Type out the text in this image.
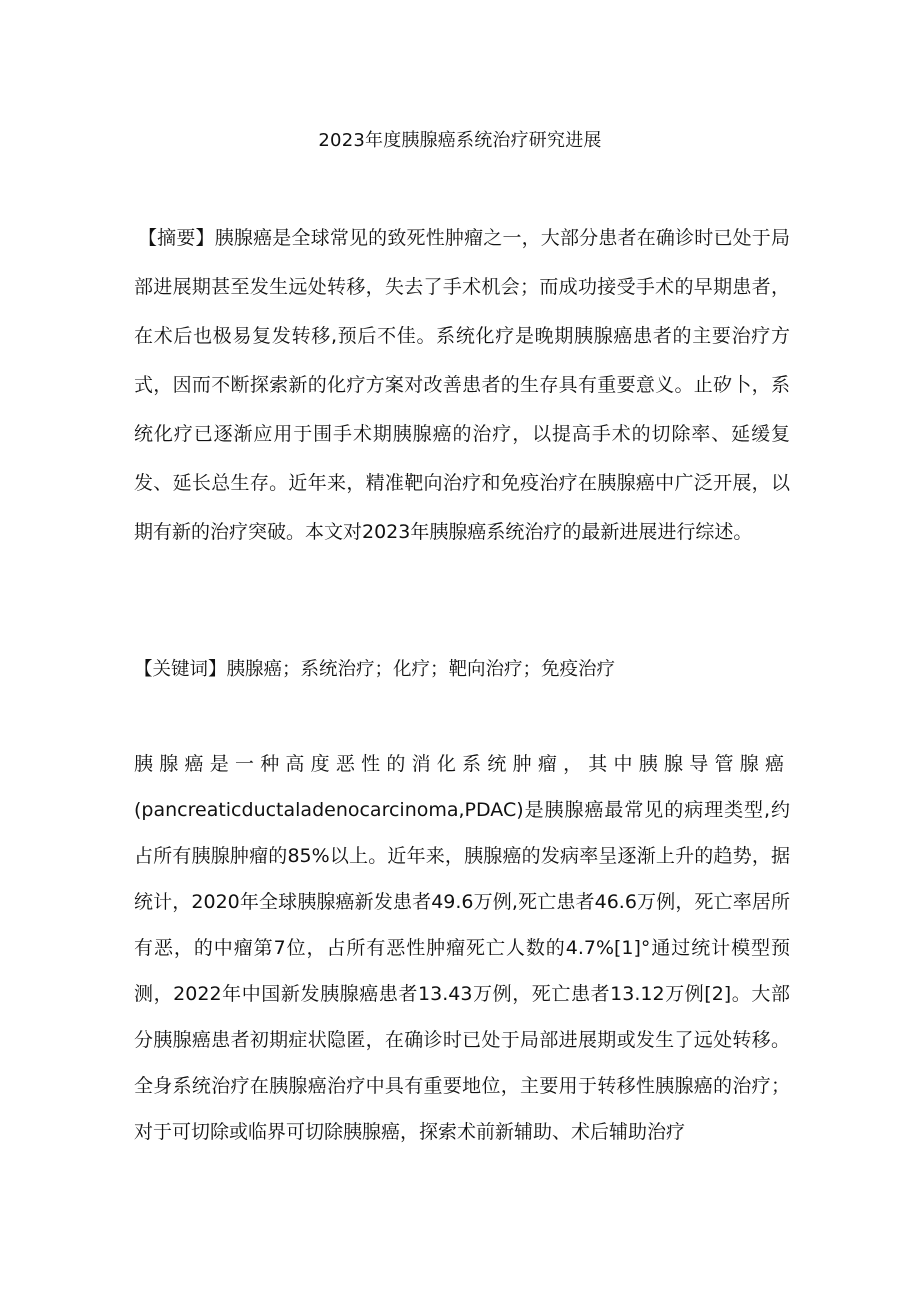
2023年度胰腺癌系统治疗研究进展

【摘要】胰腺癌是全球常见的致死性肿瘤之一，大部分患者在确诊时已处于局部进展期甚至发生远处转移，失去了手术机会；而成功接受手术的早期患者，在术后也极易复发转移,预后不佳。系统化疗是晚期胰腺癌患者的主要治疗方式，因而不断探索新的化疗方案对改善患者的生存具有重要意义。止矽卜，系统化疗已逐渐应用于围手术期胰腺癌的治疗，以提高手术的切除率、延缓复发、延长总生存。近年来，精准靶向治疗和免疫治疗在胰腺癌中广泛开展，以期有新的治疗突破。本文对2023年胰腺癌系统治疗的最新进展进行综述。

【关键词】胰腺癌；系统治疗；化疗；靶向治疗；免疫治疗

胰腺癌是一种高度恶性的消化系统肿瘤，其中胰腺导管腺癌(pancreaticductaladenocarcinoma,PDAC)是胰腺癌最常见的病理类型,约占所有胰腺肿瘤的85%以上。近年来，胰腺癌的发病率呈逐渐上升的趋势，据统计，2020年全球胰腺癌新发患者49.6万例,死亡患者46.6万例，死亡率居所有恶，的中瘤第7位，占所有恶性肿瘤死亡人数的4.7%[1]°通过统计模型预测，2022年中国新发胰腺癌患者13.43万例，死亡患者13.12万例[2]。大部分胰腺癌患者初期症状隐匿，在确诊时已处于局部进展期或发生了远处转移。全身系统治疗在胰腺癌治疗中具有重要地位，主要用于转移性胰腺癌的治疗；对于可切除或临界可切除胰腺癌，探索术前新辅助、术后辅助治疗
